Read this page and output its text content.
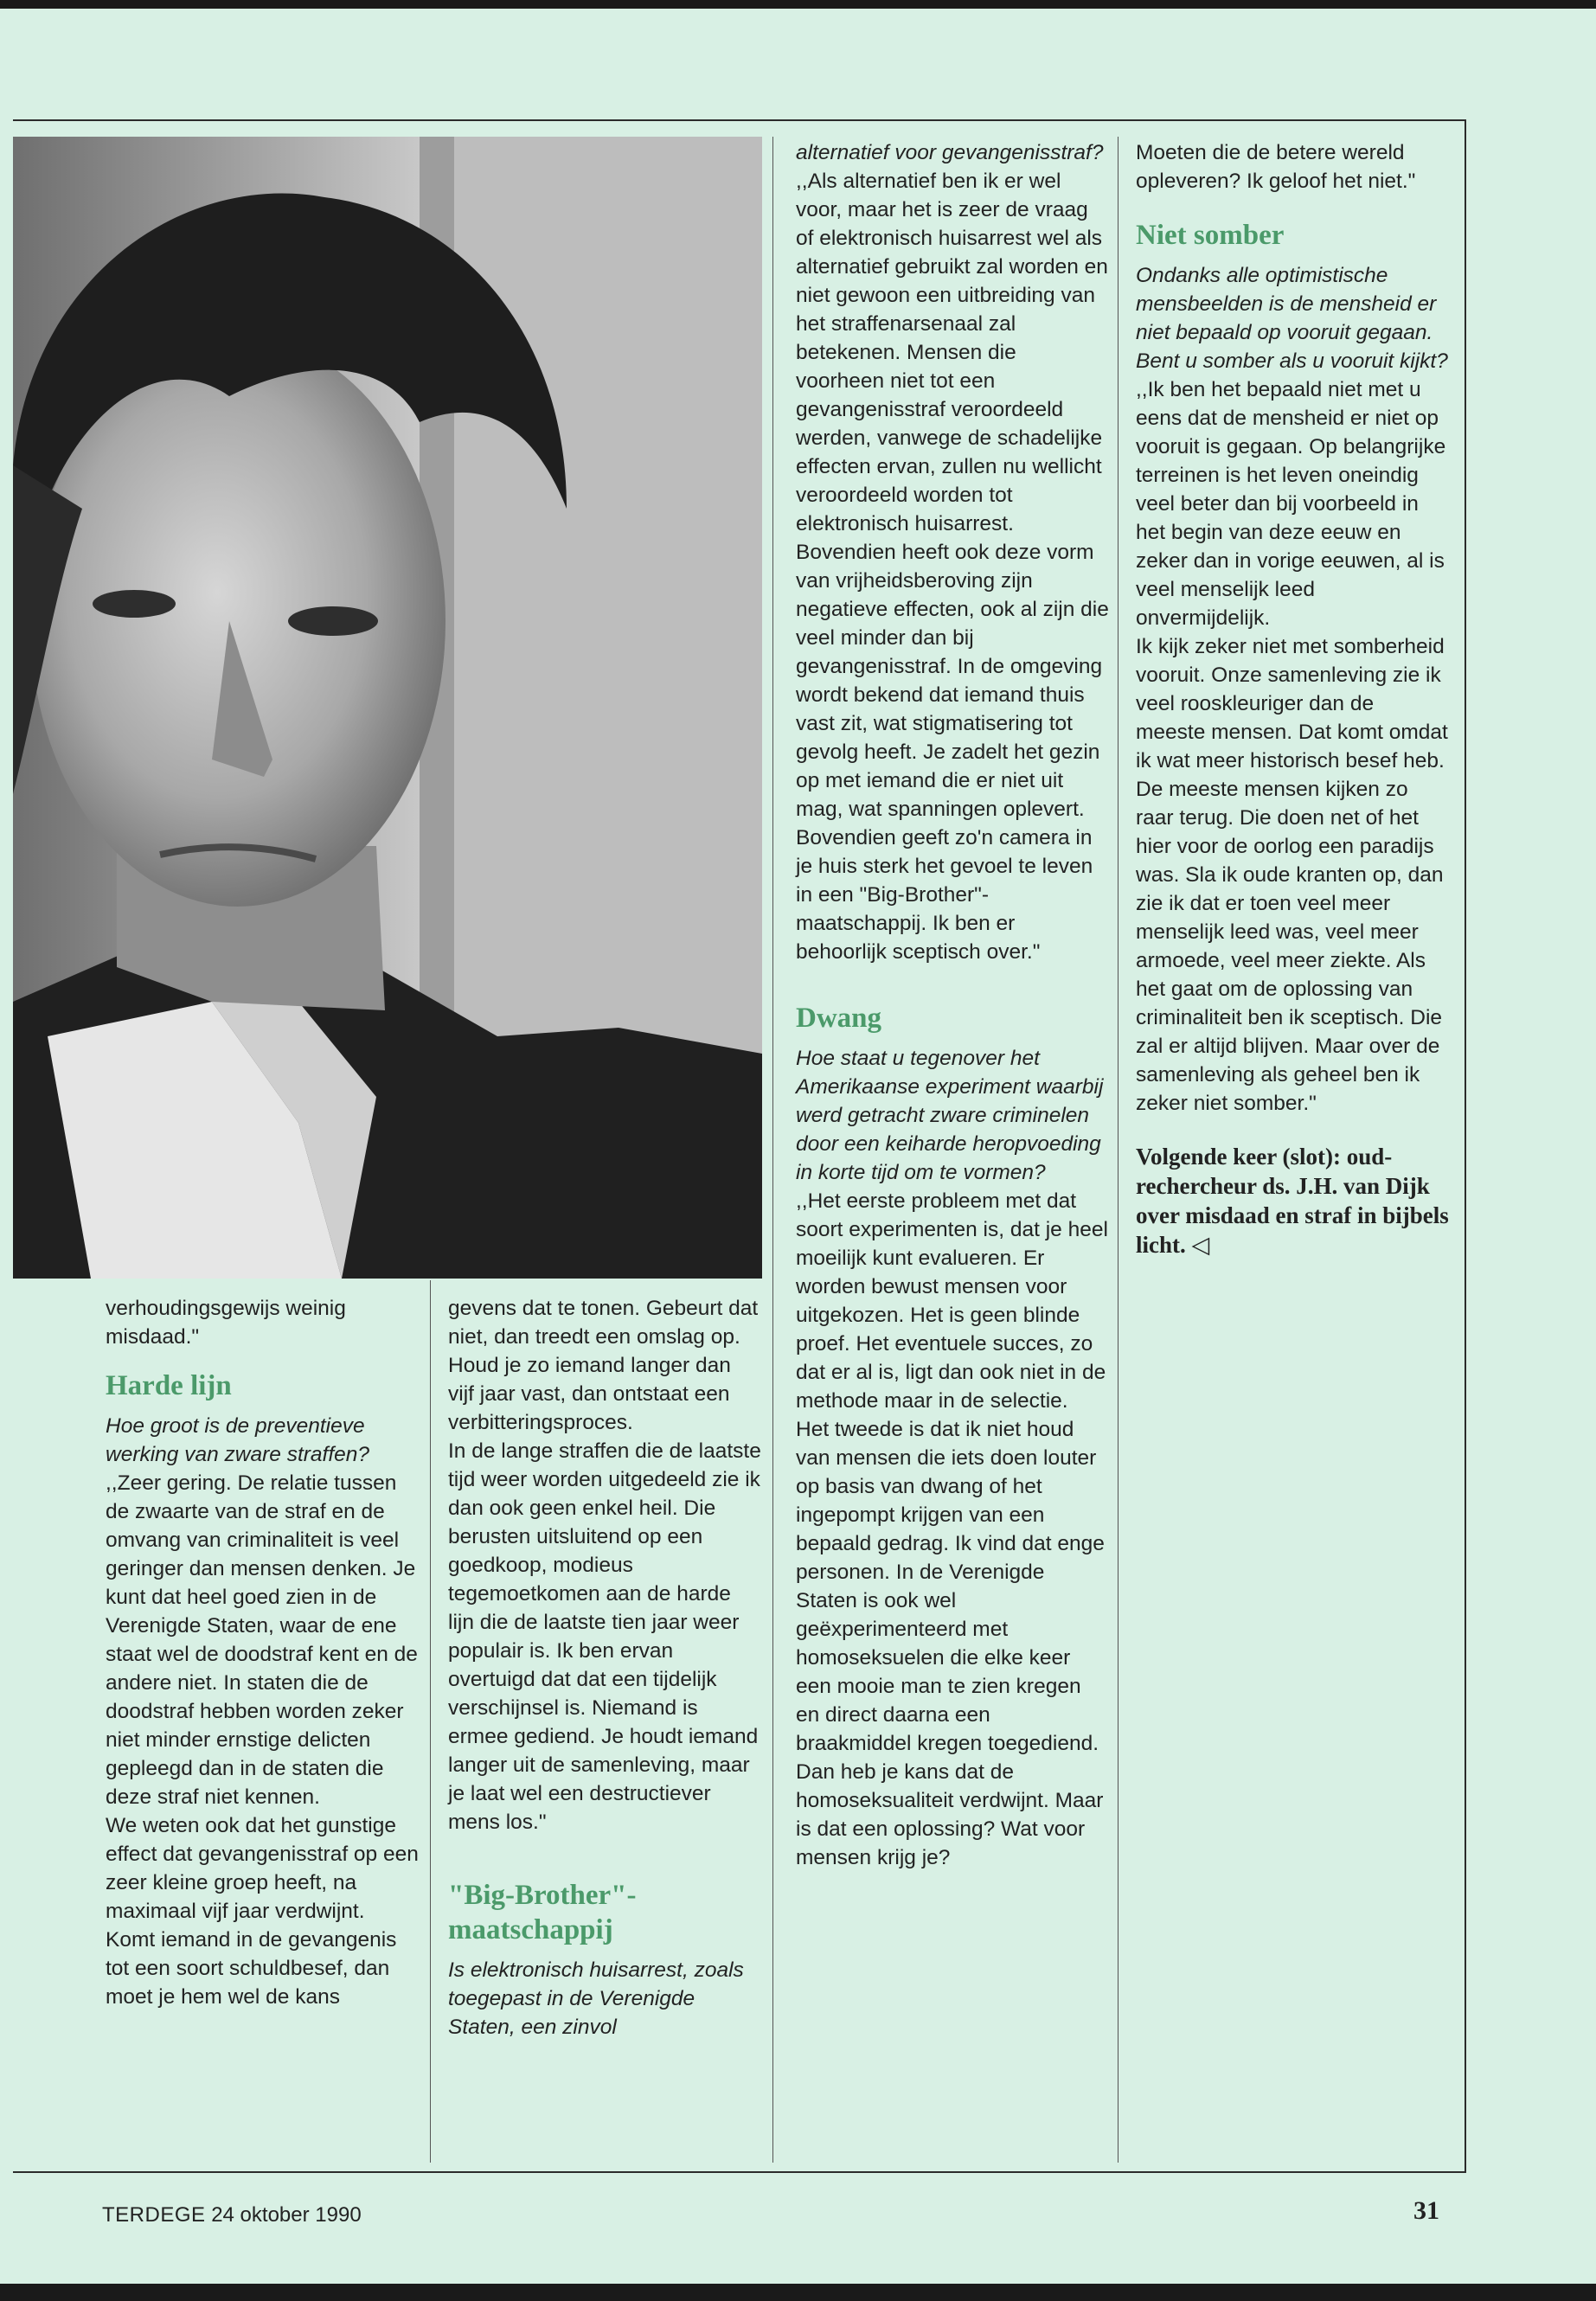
verhoudingsgewijs weinig misdaad."

Harde lijn

Hoe groot is de preventieve werking van zware straffen?

,,Zeer gering. De relatie tussen de zwaarte van de straf en de omvang van criminaliteit is veel geringer dan mensen denken. Je kunt dat heel goed zien in de Verenigde Staten, waar de ene staat wel de doodstraf kent en de andere niet. In staten die de doodstraf hebben worden zeker niet minder ernstige delicten gepleegd dan in de staten die deze straf niet kennen.

We weten ook dat het gunstige effect dat gevangenisstraf op een zeer kleine groep heeft, na maximaal vijf jaar verdwijnt. Komt iemand in de gevangenis tot een soort schuldbesef, dan moet je hem wel de kans

gevens dat te tonen. Gebeurt dat niet, dan treedt een omslag op. Houd je zo iemand langer dan vijf jaar vast, dan ontstaat een verbitteringsproces.

In de lange straffen die de laatste tijd weer worden uitgedeeld zie ik dan ook geen enkel heil. Die berusten uitsluitend op een goedkoop, modieus tegemoetkomen aan de harde lijn die de laatste tien jaar weer populair is. Ik ben ervan overtuigd dat dat een tijdelijk verschijnsel is. Niemand is ermee gediend. Je houdt iemand langer uit de samenleving, maar je laat wel een destructiever mens los."

"Big-Brother"-maatschappij

Is elektronisch huisarrest, zoals toegepast in de Verenigde Staten, een zinvol

alternatief voor gevangenisstraf?

,,Als alternatief ben ik er wel voor, maar het is zeer de vraag of elektronisch huisarrest wel als alternatief gebruikt zal worden en niet gewoon een uitbreiding van het straffenarsenaal zal betekenen. Mensen die voorheen niet tot een gevangenisstraf veroordeeld werden, vanwege de schadelijke effecten ervan, zullen nu wellicht veroordeeld worden tot elektronisch huisarrest.

Bovendien heeft ook deze vorm van vrijheidsberoving zijn negatieve effecten, ook al zijn die veel minder dan bij gevangenisstraf. In de omgeving wordt bekend dat iemand thuis vast zit, wat stigmatisering tot gevolg heeft. Je zadelt het gezin op met iemand die er niet uit mag, wat spanningen oplevert. Bovendien geeft zo'n camera in je huis sterk het gevoel te leven in een "Big-Brother"-maatschappij. Ik ben er behoorlijk sceptisch over."

Dwang

Hoe staat u tegenover het Amerikaanse experiment waarbij werd getracht zware criminelen door een keiharde heropvoeding in korte tijd om te vormen?

,,Het eerste probleem met dat soort experimenten is, dat je heel moeilijk kunt evalueren. Er worden bewust mensen voor uitgekozen. Het is geen blinde proef. Het eventuele succes, zo dat er al is, ligt dan ook niet in de methode maar in de selectie.

Het tweede is dat ik niet houd van mensen die iets doen louter op basis van dwang of het ingepompt krijgen van een bepaald gedrag. Ik vind dat enge personen. In de Verenigde Staten is ook wel geëxperimenteerd met homoseksuelen die elke keer een mooie man te zien kregen en direct daarna een braakmiddel kregen toegediend. Dan heb je kans dat de homoseksualiteit verdwijnt. Maar is dat een oplossing? Wat voor mensen krijg je?

Moeten die de betere wereld opleveren? Ik geloof het niet."

Niet somber

Ondanks alle optimistische mensbeelden is de mensheid er niet bepaald op vooruit gegaan. Bent u somber als u vooruit kijkt?

,,Ik ben het bepaald niet met u eens dat de mensheid er niet op vooruit is gegaan. Op belangrijke terreinen is het leven oneindig veel beter dan bij voorbeeld in het begin van deze eeuw en zeker dan in vorige eeuwen, al is veel menselijk leed onvermijdelijk.

Ik kijk zeker niet met somberheid vooruit. Onze samenleving zie ik veel rooskleuriger dan de meeste mensen. Dat komt omdat ik wat meer historisch besef heb. De meeste mensen kijken zo raar terug. Die doen net of het hier voor de oorlog een paradijs was. Sla ik oude kranten op, dan zie ik dat er toen veel meer menselijk leed was, veel meer armoede, veel meer ziekte. Als het gaat om de oplossing van criminaliteit ben ik sceptisch. Die zal er altijd blijven. Maar over de samenleving als geheel ben ik zeker niet somber."

Volgende keer (slot): oud-rechercheur ds. J.H. van Dijk over misdaad en straf in bijbels licht. ◁

TERDEGE 24 oktober 1990	31
